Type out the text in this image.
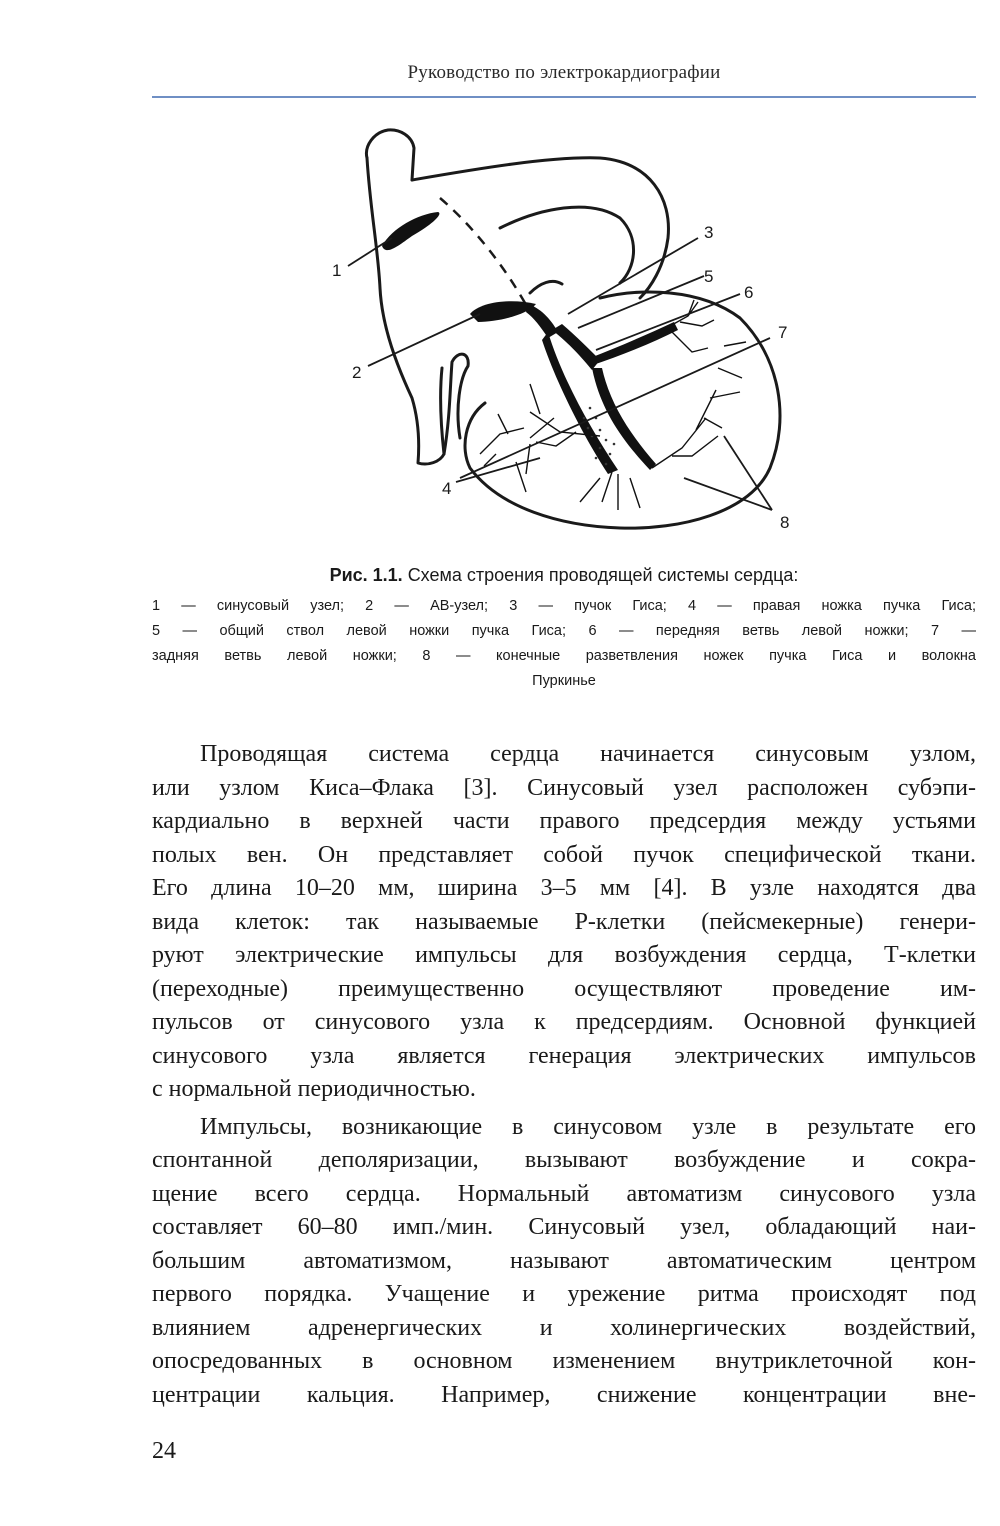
Руководство по электрокардиографии
1
2
3
4
5
6
7
8
Рис. 1.1. Схема строения проводящей системы сердца:
1 — синусовый узел; 2 — АВ-узел; 3 — пучок Гиса; 4 — правая ножка пучка Гиса;
5 — общий ствол левой ножки пучка Гиса; 6 — передняя ветвь левой ножки; 7 —
задняя ветвь левой ножки; 8 — конечные разветвления ножек пучка Гиса и волокна
Пуркинье
Проводящая система сердца начинается синусовым узлом,
или узлом Киса–Флака [3]. Синусовый узел расположен субэпи-
кардиально в верхней части правого предсердия между устьями
полых вен. Он представляет собой пучок специфической ткани.
Его длина 10–20 мм, ширина 3–5 мм [4]. В узле находятся два
вида клеток: так называемые Р-клетки (пейсмекерные) генери-
руют электрические импульсы для возбуждения сердца, Т-клетки
(переходные) преимущественно осуществляют проведение им-
пульсов от синусового узла к предсердиям. Основной функцией
синусового узла является генерация электрических импульсов
с нормальной периодичностью.
Импульсы, возникающие в синусовом узле в результате его
спонтанной деполяризации, вызывают возбуждение и сокра-
щение всего сердца. Нормальный автоматизм синусового узла
составляет 60–80 имп./мин. Синусовый узел, обладающий наи-
большим автоматизмом, называют автоматическим центром
первого порядка. Учащение и урежение ритма происходят под
влиянием адренергических и холинергических воздействий,
опосредованных в основном изменением внутриклеточной кон-
центрации кальция. Например, снижение концентрации вне-
24
